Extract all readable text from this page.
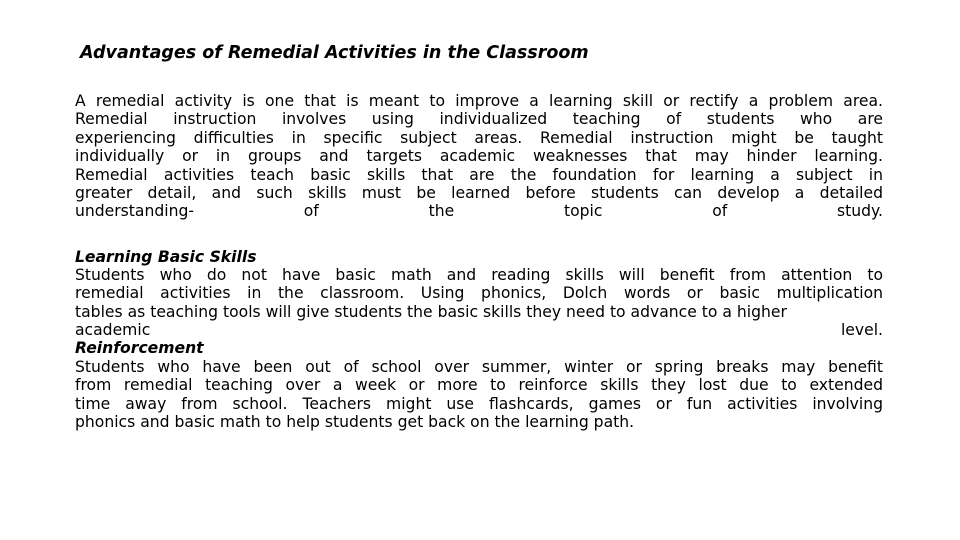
Advantages of Remedial Activities in the Classroom
A remedial activity is one that is meant to improve a learning skill or rectify a problem area.
Remedial instruction involves using individualized teaching of students who are
experiencing difficulties in specific subject areas. Remedial instruction might be taught
individually or in groups and targets academic weaknesses that may hinder learning.
Remedial activities teach basic skills that are the foundation for learning a subject in
greater detail, and such skills must be learned before students can develop a detailed
understanding- of the topic of study.
Learning Basic Skills
Students who do not have basic math and reading skills will benefit from attention to
remedial activities in the classroom. Using phonics, Dolch words or basic multiplication
tables as teaching tools will give students the basic skills they need to advance to a higher
academic level.
Reinforcement
Students who have been out of school over summer, winter or spring breaks may benefit
from remedial teaching over a week or more to reinforce skills they lost due to extended
time away from school. Teachers might use flashcards, games or fun activities involving
phonics and basic math to help students get back on the learning path.
